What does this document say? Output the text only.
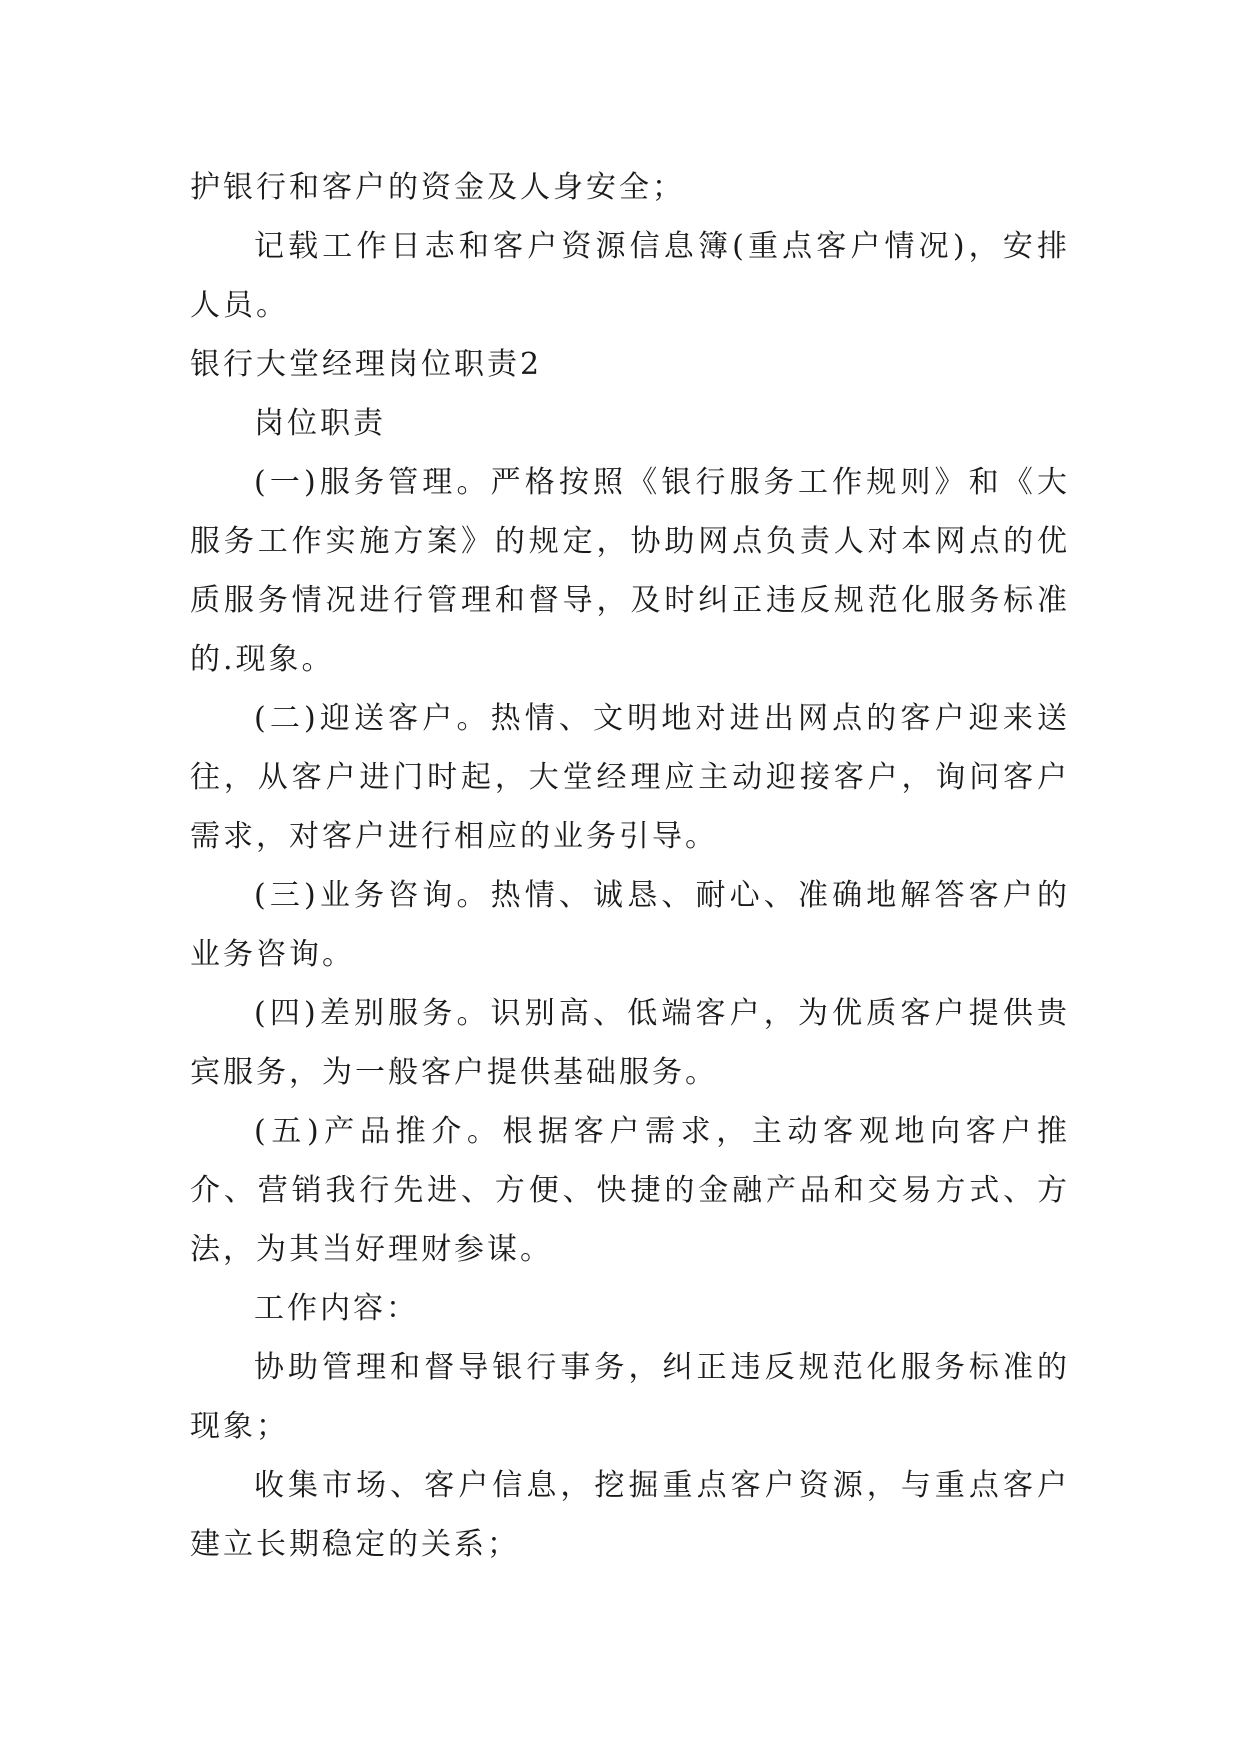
护银行和客户的资金及人身安全；

记载工作日志和客户资源信息簿(重点客户情况)，安排人员。

银行大堂经理岗位职责2

岗位职责

(一)服务管理。严格按照《银行服务工作规则》和《大服务工作实施方案》的规定，协助网点负责人对本网点的优质服务情况进行管理和督导，及时纠正违反规范化服务标准的.现象。

(二)迎送客户。热情、文明地对进出网点的客户迎来送往，从客户进门时起，大堂经理应主动迎接客户，询问客户需求，对客户进行相应的业务引导。

(三)业务咨询。热情、诚恳、耐心、准确地解答客户的业务咨询。

(四)差别服务。识别高、低端客户，为优质客户提供贵宾服务，为一般客户提供基础服务。

(五)产品推介。根据客户需求，主动客观地向客户推介、营销我行先进、方便、快捷的金融产品和交易方式、方法，为其当好理财参谋。

工作内容：

协助管理和督导银行事务，纠正违反规范化服务标准的现象；

收集市场、客户信息，挖掘重点客户资源，与重点客户建立长期稳定的关系；
